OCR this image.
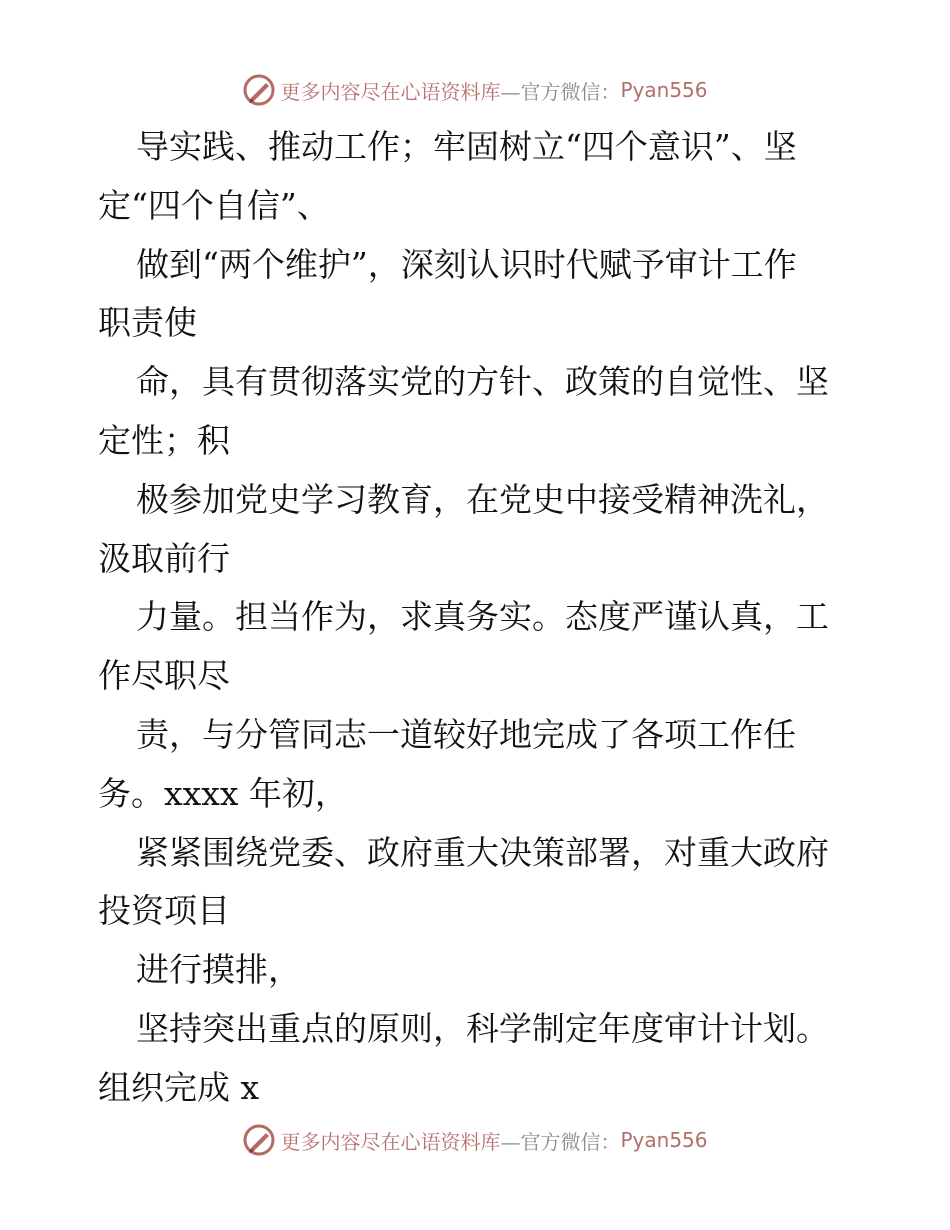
更多内容尽在心语资料库 —官方微信： Pyan556
导实践、推动工作；牢固树立“四个意识”、坚
定“四个自信”、
做到“两个维护”，深刻认识时代赋予审计工作
职责使
命，具有贯彻落实党的方针、政策的自觉性、坚
定性；积
极参加党史学习教育，在党史中接受精神洗礼，
汲取前行
力量。担当作为，求真务实。态度严谨认真，工
作尽职尽
责，与分管同志一道较好地完成了各项工作任
务。xxxx 年初，
紧紧围绕党委、政府重大决策部署，对重大政府
投资项目
进行摸排，
坚持突出重点的原则，科学制定年度审计计划。
组织完成 x
更多内容尽在心语资料库 —官方微信： Pyan556
